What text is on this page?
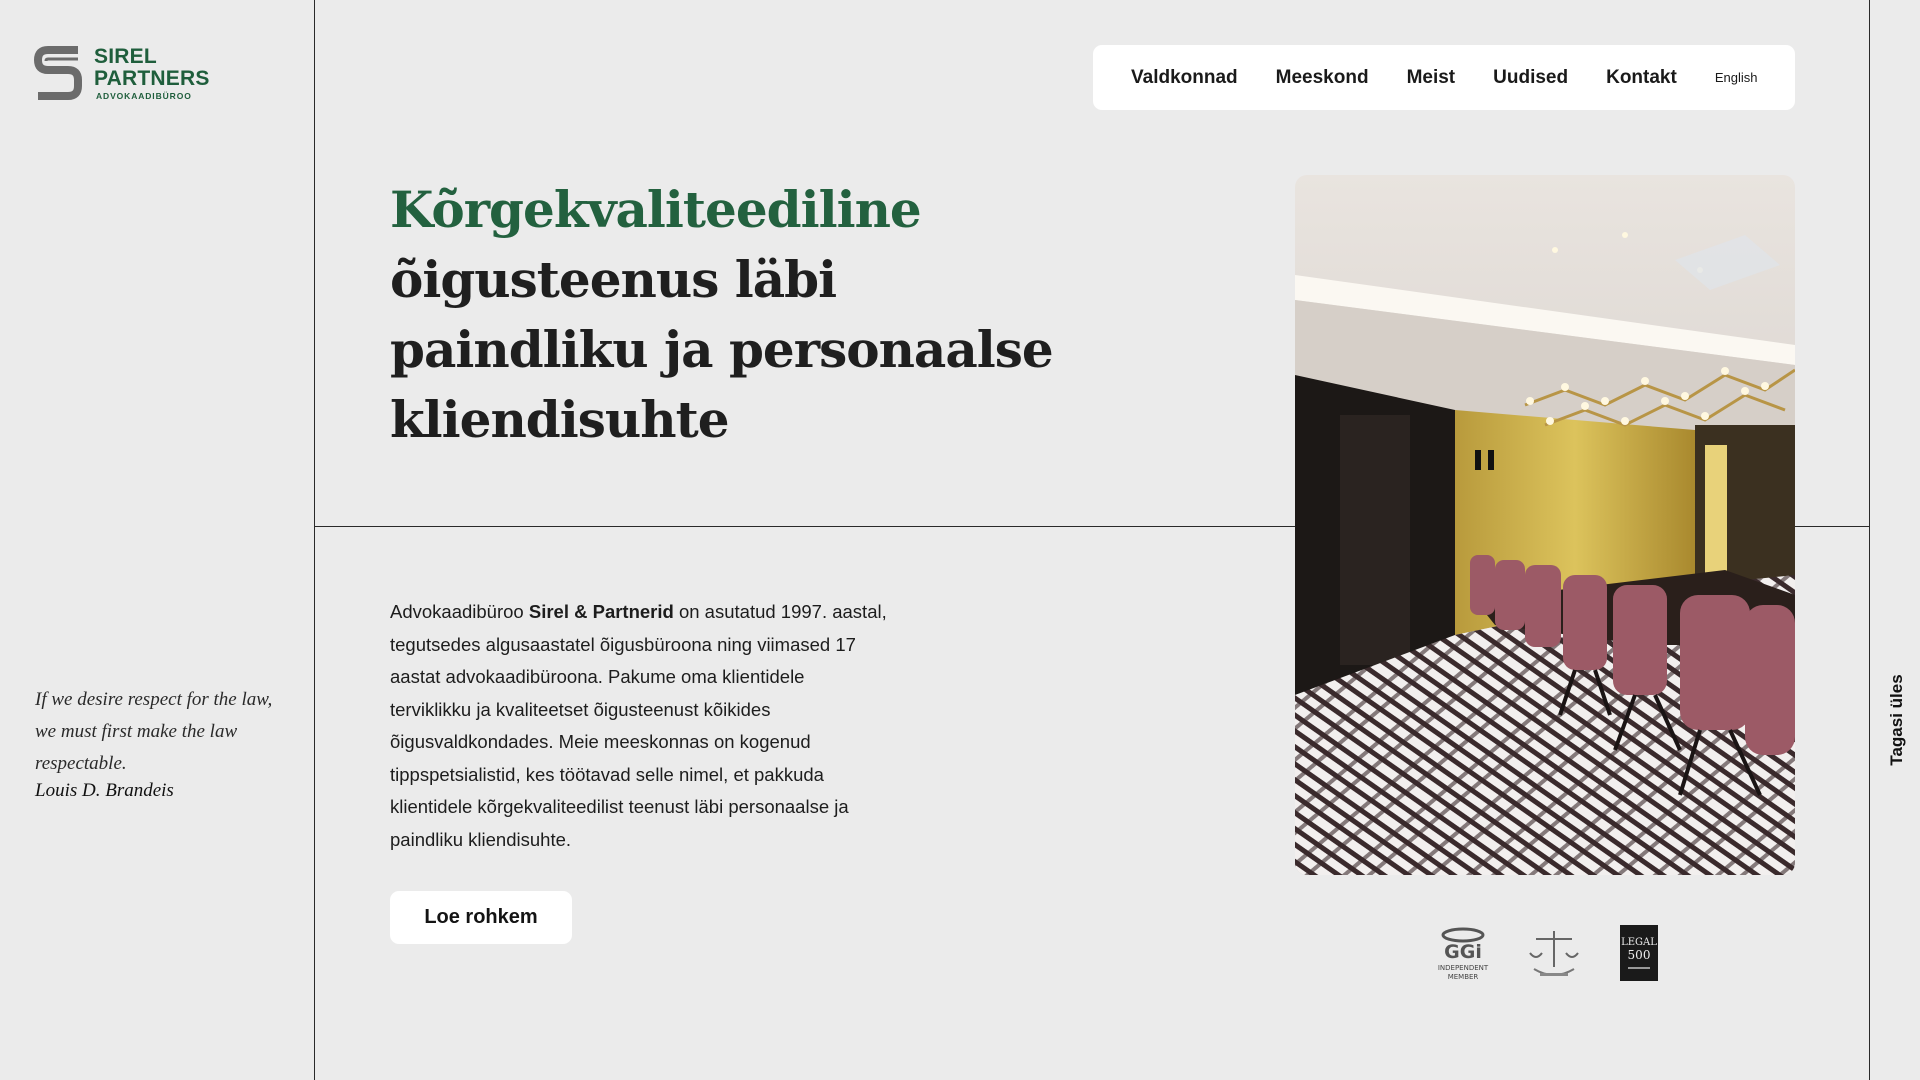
SIREL
PARTNERS
ADVOKAADIBÜROO
If we desire respect for the law, we must first make the law respectable.
Louis D. Brandeis
Valdkonnad Meeskond Meist Uudised Kontakt	English
Kõrgekvaliteediline
õigusteenus läbi paindliku ja personaalse kliendisuhte

Advokaadibüroo Sirel & Partnerid on asutatud 1997. aastal, tegutsedes algusaastatel õigusbüroona ning viimased 17 aastat advokaadibüroona. Pakume oma klientidele terviklikku ja kvaliteetset õigusteenust kõikides õigusvaldkondades. Meie meeskonnas on kogenud tippspetsialistid, kes töötavad selle nimel, et pakkuda klientidele kõrgekvaliteedilist teenust läbi personaalse ja paindliku kliendisuhte.

Loe rohkem
GGi
INDEPENDENT
MEMBER
LEGAL
500
Tagasi üles
